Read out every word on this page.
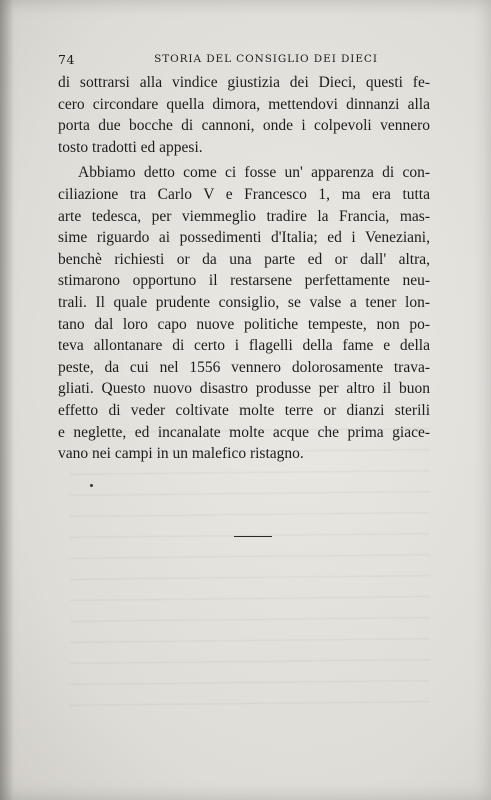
74	STORIA DEL CONSIGLIO DEI DIECI
di sottrarsi alla vindice giustizia dei Dieci, questi fe-
cero circondare quella dimora, mettendovi dinnanzi alla
porta due bocche di cannoni, onde i colpevoli vennero
tosto tradotti ed appesi.
Abbiamo detto come ci fosse un' apparenza di con-
ciliazione tra Carlo V e Francesco 1, ma era tutta
arte tedesca, per viemmeglio tradire la Francia, mas-
sime riguardo ai possedimenti d'Italia; ed i Veneziani,
benchè richiesti or da una parte ed or dall' altra,
stimarono opportuno il restarsene perfettamente neu-
trali. Il quale prudente consiglio, se valse a tener lon-
tano dal loro capo nuove politiche tempeste, non po-
teva allontanare di certo i flagelli della fame e della
peste, da cui nel 1556 vennero dolorosamente trava-
gliati. Questo nuovo disastro produsse per altro il buon
effetto di veder coltivate molte terre or dianzi sterili
e neglette, ed incanalate molte acque che prima giace-
vano nei campi in un malefico ristagno.
